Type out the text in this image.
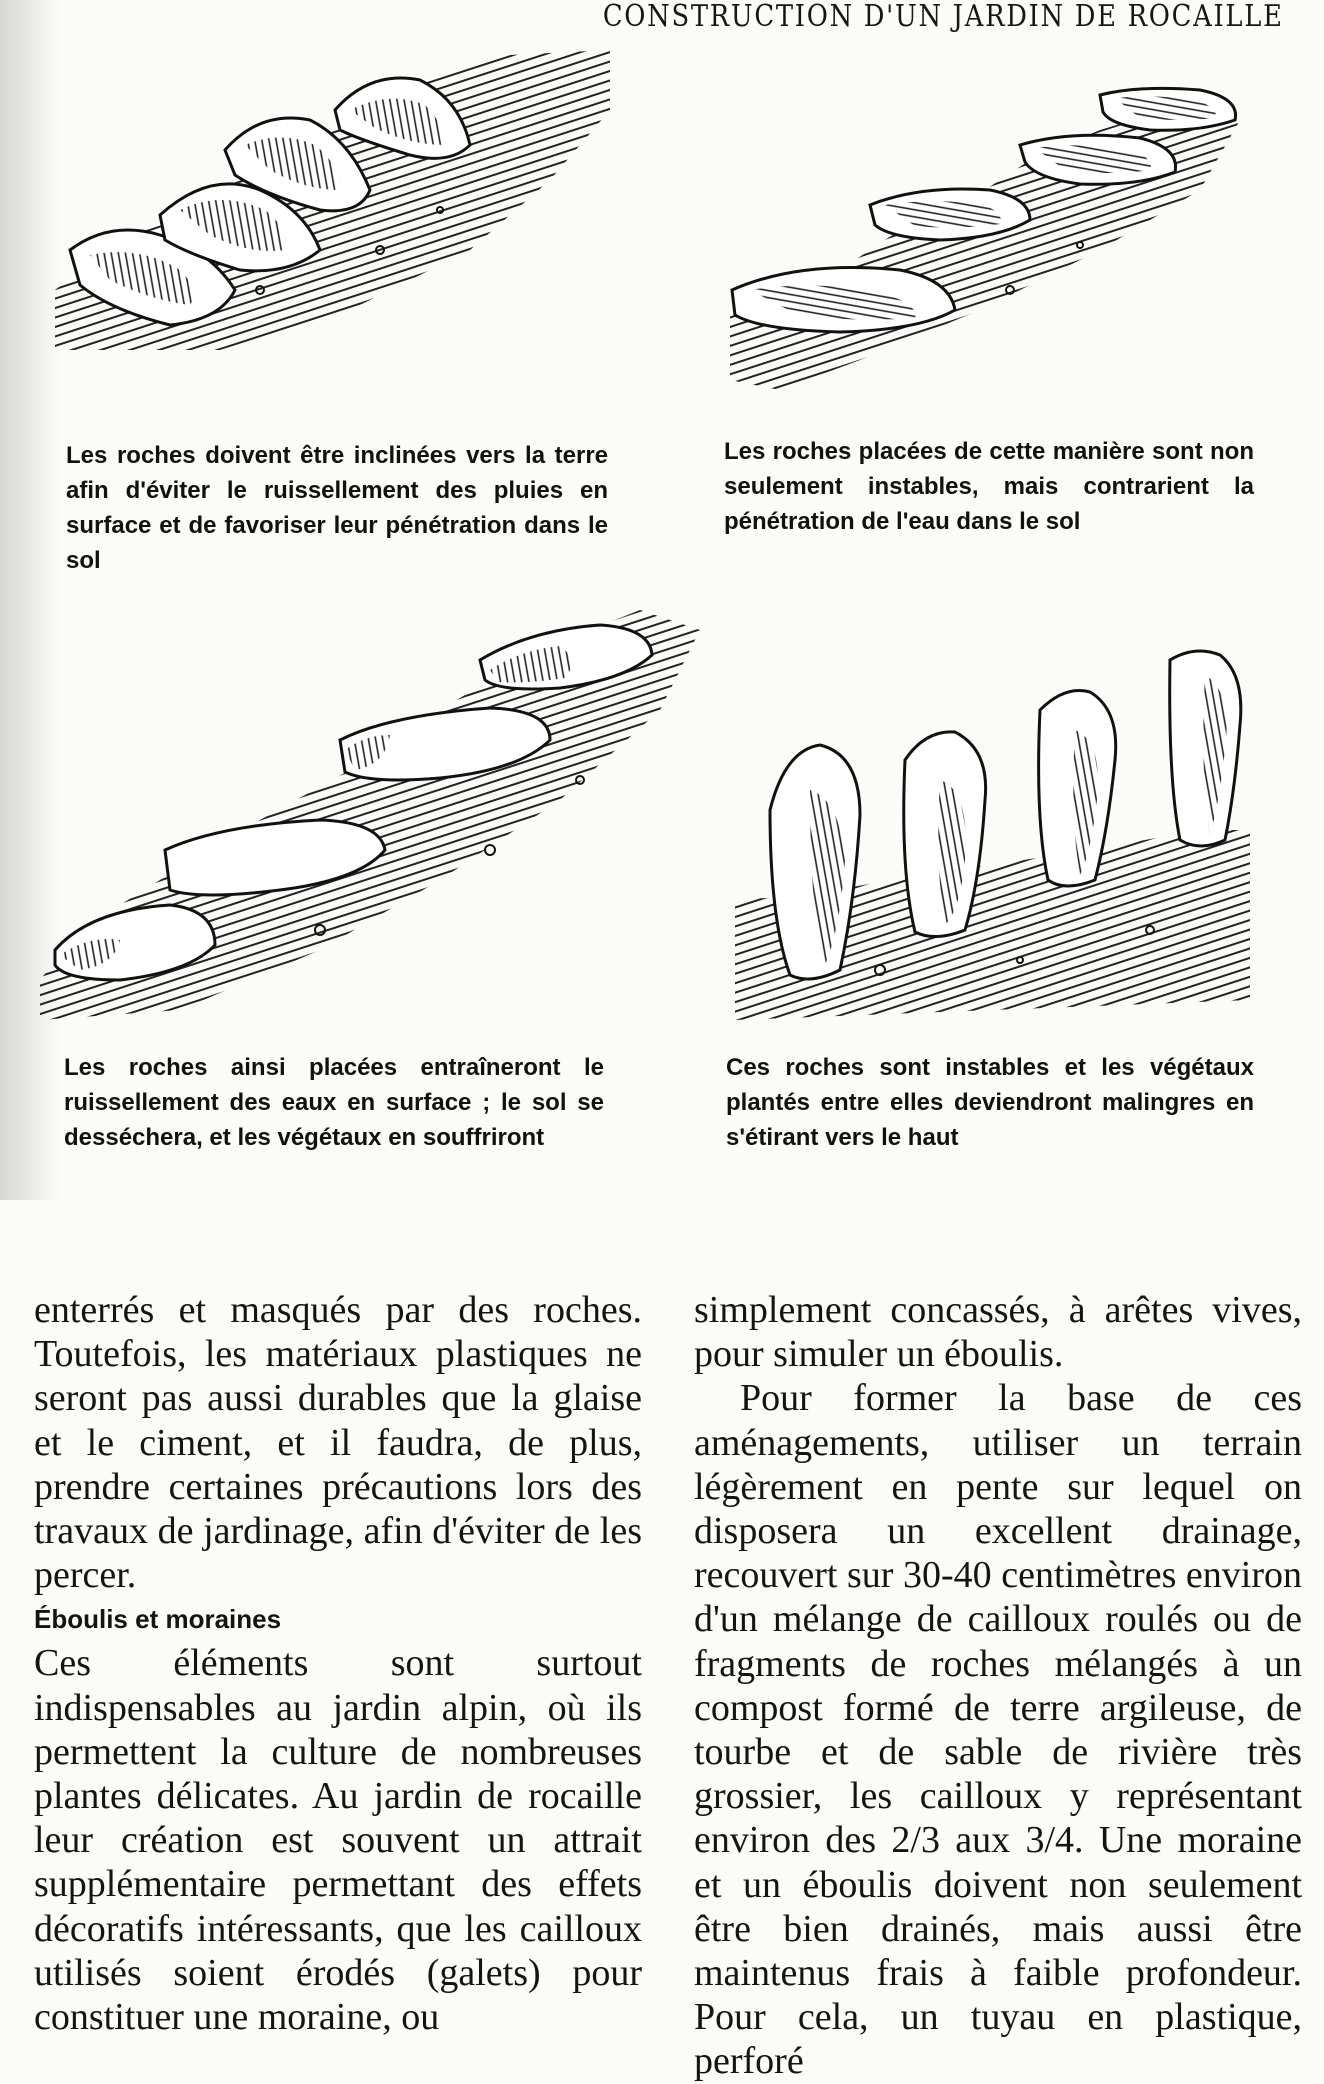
CONSTRUCTION D'UN JARDIN DE ROCAILLE
Les roches doivent être inclinées vers la terre afin d'éviter le ruissellement des pluies en surface et de favoriser leur pénétration dans le sol
Les roches placées de cette manière sont non seulement instables, mais contrarient la pénétration de l'eau dans le sol
Les roches ainsi placées entraîneront le ruissellement des eaux en surface ; le sol se desséchera, et les végétaux en souffriront
Ces roches sont instables et les végétaux plantés entre elles deviendront malingres en s'étirant vers le haut

enterrés et masqués par des roches. Toutefois, les matériaux plastiques ne seront pas aussi durables que la glaise et le ciment, et il faudra, de plus, prendre certaines précautions lors des travaux de jardinage, afin d'éviter de les percer.

Éboulis et moraines

Ces éléments sont surtout indispensables au jardin alpin, où ils permettent la culture de nombreuses plantes délicates. Au jardin de rocaille leur création est souvent un attrait supplémentaire permettant des effets décoratifs intéressants, que les cailloux utilisés soient érodés (galets) pour constituer une moraine, ou

simplement concassés, à arêtes vives, pour simuler un éboulis.

Pour former la base de ces aménagements, utiliser un terrain légèrement en pente sur lequel on disposera un excellent drainage, recouvert sur 30-40 centimètres environ d'un mélange de cailloux roulés ou de fragments de roches mélangés à un compost formé de terre argileuse, de tourbe et de sable de rivière très grossier, les cailloux y représentant environ des 2/3 aux 3/4. Une moraine et un éboulis doivent non seulement être bien drainés, mais aussi être maintenus frais à faible profondeur. Pour cela, un tuyau en plastique, perforé
